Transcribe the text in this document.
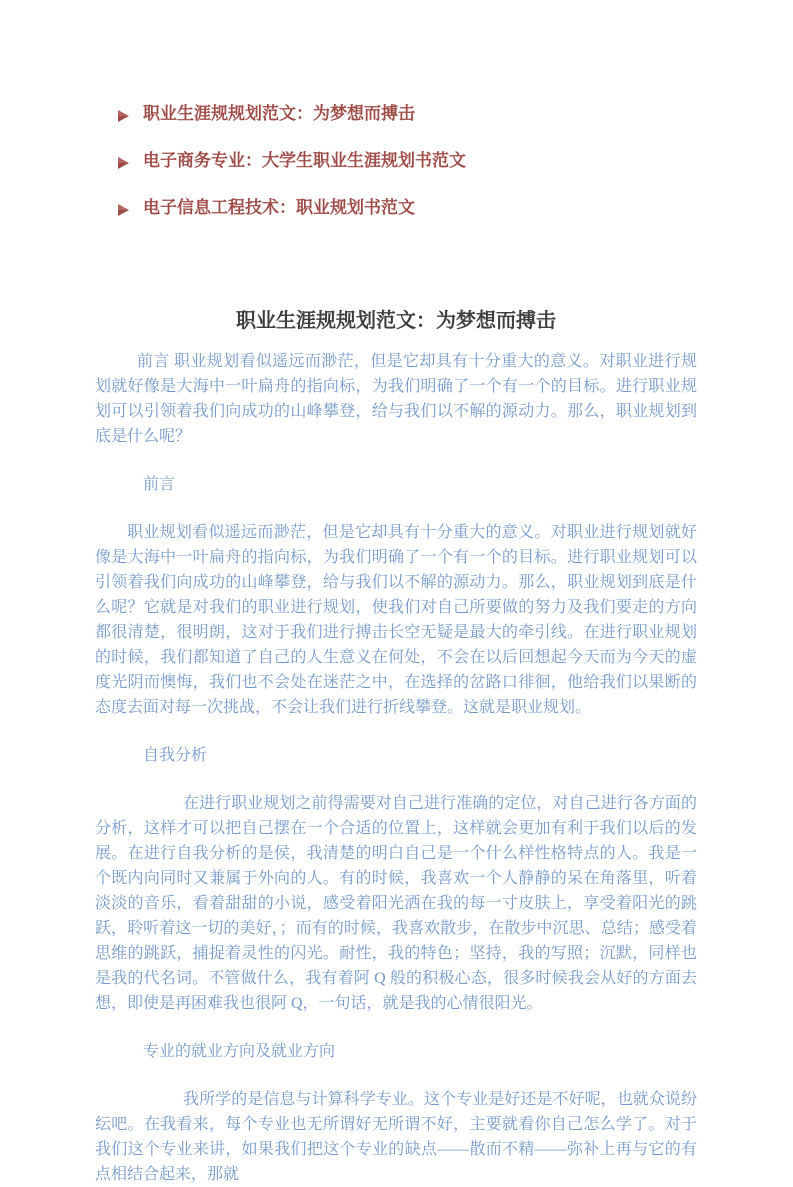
职业生涯规规划范文：为梦想而搏击
电子商务专业：大学生职业生涯规划书范文
电子信息工程技术：职业规划书范文
职业生涯规规划范文：为梦想而搏击

前言 职业规划看似遥远而渺茫，但是它却具有十分重大的意义。对职业进行规划就好像是大海中一叶扁舟的指向标，为我们明确了一个有一个的目标。进行职业规划可以引领着我们向成功的山峰攀登，给与我们以不解的源动力。那么，职业规划到底是什么呢？

前言

职业规划看似遥远而渺茫，但是它却具有十分重大的意义。对职业进行规划就好像是大海中一叶扁舟的指向标，为我们明确了一个有一个的目标。进行职业规划可以引领着我们向成功的山峰攀登，给与我们以不解的源动力。那么，职业规划到底是什么呢？它就是对我们的职业进行规划，使我们对自己所要做的努力及我们要走的方向都很清楚，很明朗，这对于我们进行搏击长空无疑是最大的牵引线。在进行职业规划的时候，我们都知道了自己的人生意义在何处，不会在以后回想起今天而为今天的虚度光阴而懊悔，我们也不会处在迷茫之中，在选择的岔路口徘徊，他给我们以果断的态度去面对每一次挑战，不会让我们进行折线攀登。这就是职业规划。

自我分析

在进行职业规划之前得需要对自己进行准确的定位，对自己进行各方面的分析，这样才可以把自己摆在一个合适的位置上，这样就会更加有利于我们以后的发展。在进行自我分析的是侯，我清楚的明白自己是一个什么样性格特点的人。我是一个既内向同时又兼属于外向的人。有的时候，我喜欢一个人静静的呆在角落里，听着淡淡的音乐，看着甜甜的小说，感受着阳光洒在我的每一寸皮肤上，享受着阳光的跳跃，聆听着这一切的美好，；而有的时候，我喜欢散步，在散步中沉思、总结；感受着思维的跳跃，捕捉着灵性的闪光。耐性，我的特色；坚持，我的写照；沉默，同样也是我的代名词。不管做什么，我有着阿 Q 般的积极心态，很多时候我会从好的方面去想，即使是再困难我也很阿 Q，一句话，就是我的心情很阳光。

专业的就业方向及就业方向

我所学的是信息与计算科学专业。这个专业是好还是不好呢，也就众说纷纭吧。在我看来，每个专业也无所谓好无所谓不好，主要就看你自己怎么学了。对于我们这个专业来讲，如果我们把这个专业的缺点——散而不精——弥补上再与它的有点相结合起来，那就
